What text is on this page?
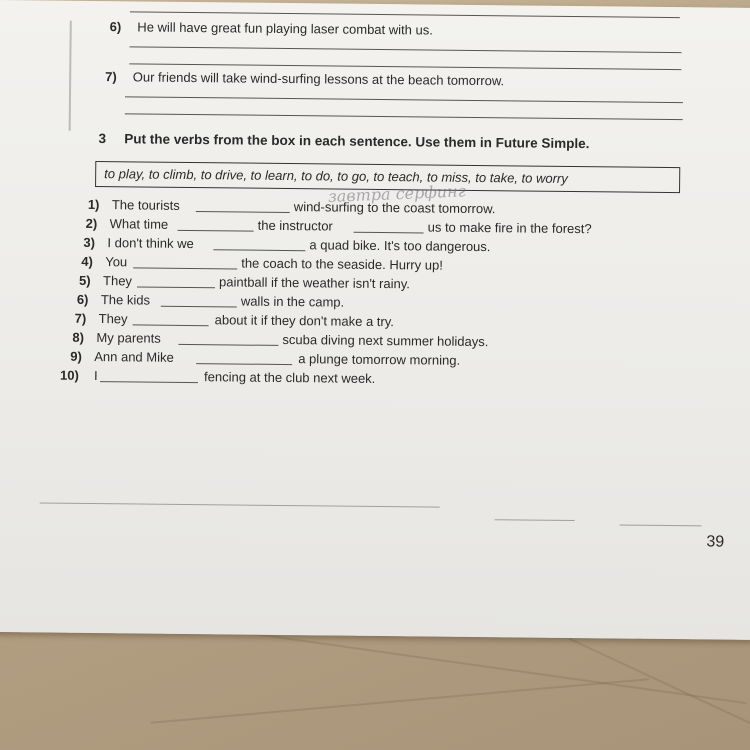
6) He will have great fun playing laser combat with us.
7) Our friends will take wind-surfing lessons at the beach tomorrow.
3 Put the verbs from the box in each sentence. Use them in Future Simple.
to play, to climb, to drive, to learn, to do, to go, to teach, to miss, to take, to worry
завтра серфинг
1) The tourists	wind-surfing to the coast tomorrow.
2) What time	the instructor	us to make fire in the forest?
3) I don't think we	a quad bike. It's too dangerous.
4) You	the coach to the seaside. Hurry up!
5) They	paintball if the weather isn't rainy.
6) The kids	walls in the camp.
7) They	about it if they don't make a try.
8) My parents	scuba diving next summer holidays.
9) Ann and Mike	a plunge tomorrow morning.
10) I	fencing at the club next week.
39
